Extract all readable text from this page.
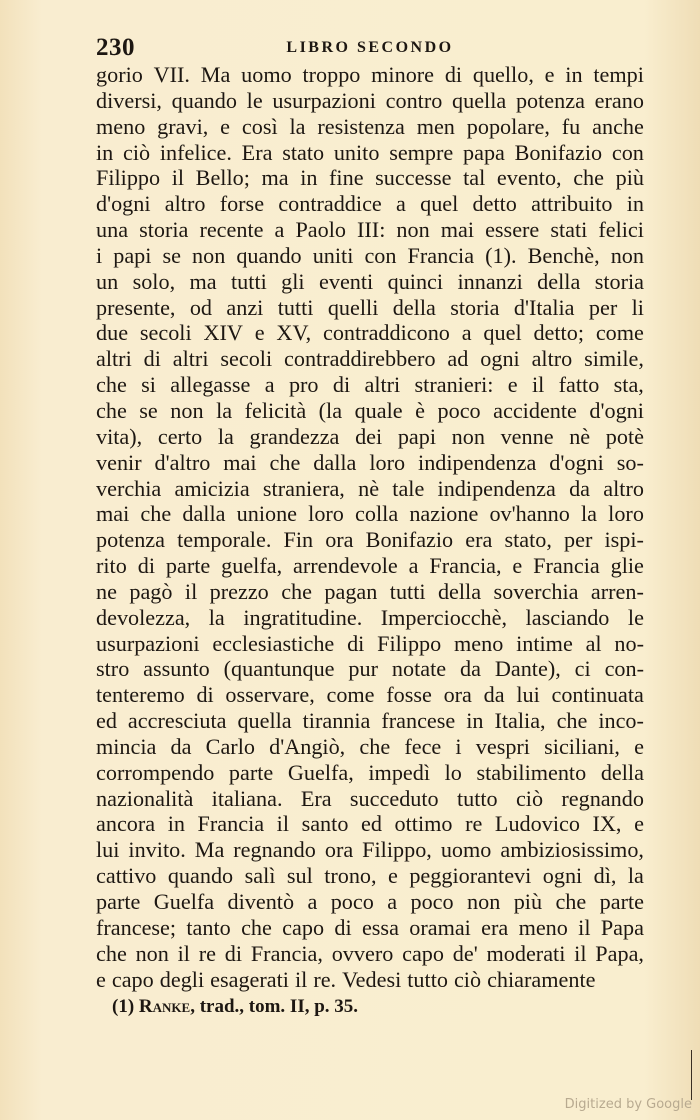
230	LIBRO SECONDO
gorio VII. Ma uomo troppo minore di quello, e in tempi
diversi, quando le usurpazioni contro quella potenza erano
meno gravi, e così la resistenza men popolare, fu anche
in ciò infelice. Era stato unito sempre papa Bonifazio con
Filippo il Bello; ma in fine successe tal evento, che più
d'ogni altro forse contraddice a quel detto attribuito in
una storia recente a Paolo III: non mai essere stati felici
i papi se non quando uniti con Francia (1). Benchè, non
un solo, ma tutti gli eventi quinci innanzi della storia
presente, od anzi tutti quelli della storia d'Italia per li
due secoli XIV e XV, contraddicono a quel detto; come
altri di altri secoli contraddirebbero ad ogni altro simile,
che si allegasse a pro di altri stranieri: e il fatto sta,
che se non la felicità (la quale è poco accidente d'ogni
vita), certo la grandezza dei papi non venne nè potè
venir d'altro mai che dalla loro indipendenza d'ogni so-
verchia amicizia straniera, nè tale indipendenza da altro
mai che dalla unione loro colla nazione ov'hanno la loro
potenza temporale. Fin ora Bonifazio era stato, per ispi-
rito di parte guelfa, arrendevole a Francia, e Francia glie
ne pagò il prezzo che pagan tutti della soverchia arren-
devolezza, la ingratitudine. Imperciocchè, lasciando le
usurpazioni ecclesiastiche di Filippo meno intime al no-
stro assunto (quantunque pur notate da Dante), ci con-
tenteremo di osservare, come fosse ora da lui continuata
ed accresciuta quella tirannia francese in Italia, che inco-
mincia da Carlo d'Angiò, che fece i vespri siciliani, e
corrompendo parte Guelfa, impedì lo stabilimento della
nazionalità italiana. Era succeduto tutto ciò regnando
ancora in Francia il santo ed ottimo re Ludovico IX, e
lui invito. Ma regnando ora Filippo, uomo ambiziosissimo,
cattivo quando salì sul trono, e peggiorantevi ogni dì, la
parte Guelfa diventò a poco a poco non più che parte
francese; tanto che capo di essa oramai era meno il Papa
che non il re di Francia, ovvero capo de' moderati il Papa,
e capo degli esagerati il re. Vedesi tutto ciò chiaramente
(1) Ranke, trad., tom. II, p. 35.
Digitized by Google
